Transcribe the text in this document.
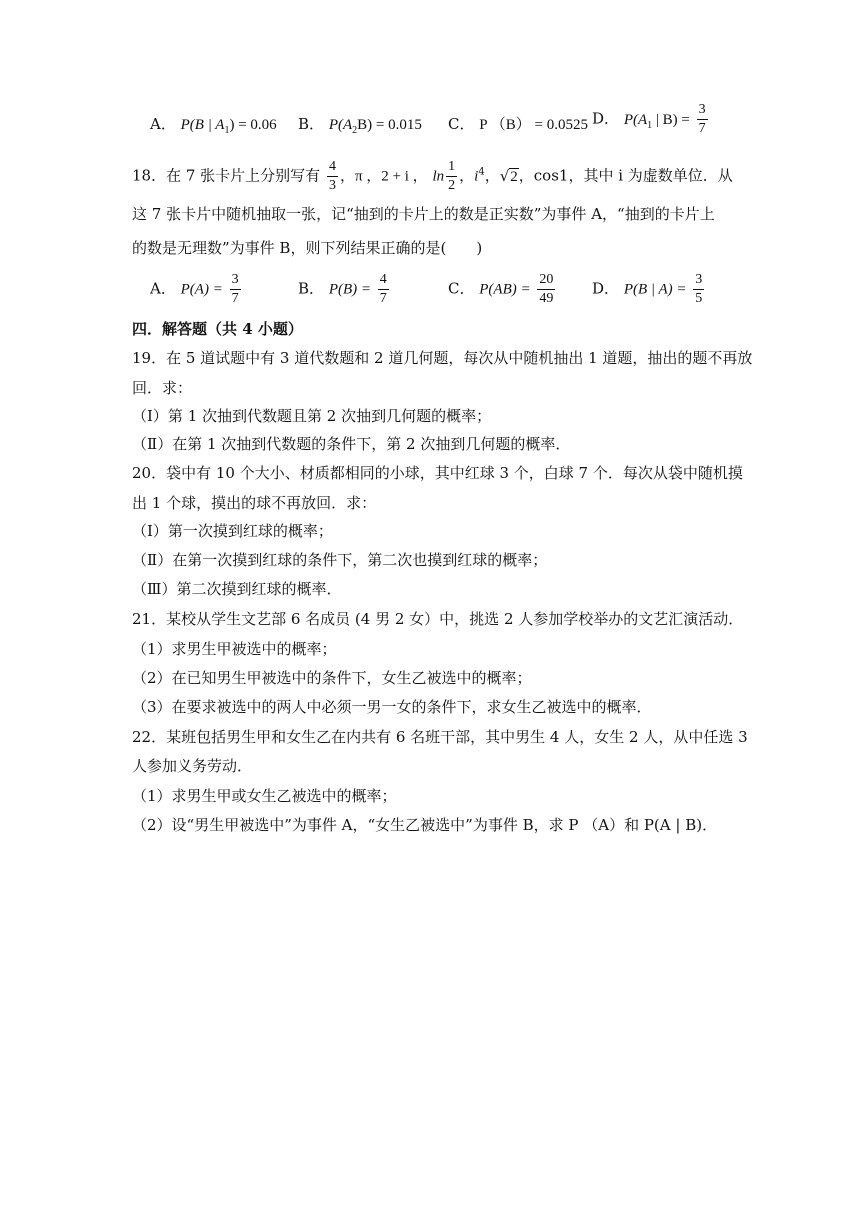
A． P(B | $A_1) = 0.06$ B． $P(A_2B) = 0.015$ C． P （B） = 0.0525 D． $P(A_1$ | $B) = \frac{3}{7}$
18．在 7 张卡片上分别写有 $\frac{4}{3}$ ，π ，2 + i ， $\ln \frac{1}{2}$ ，$i^4$，√2，cos1，其中 i 为虚数单位．从
这 7 张卡片中随机抽取一张，记“抽到的卡片上的数是正实数”为事件 A，“抽到的卡片上
的数是无理数”为事件 B，则下列结果正确的是(　　)
A． $P(A) = \frac{3}{7}$	B． $P(B) = \frac{4}{7}$	C． $P(AB) = \frac{20}{49}$ D． P(B | $A) = \frac{3}{5}$
四．解答题（共 4 小题）
19．在 5 道试题中有 3 道代数题和 2 道几何题，每次从中随机抽出 1 道题，抽出的题不再放
回．求：
（Ⅰ）第 1 次抽到代数题且第 2 次抽到几何题的概率；
（Ⅱ）在第 1 次抽到代数题的条件下，第 2 次抽到几何题的概率．
20．袋中有 10 个大小、材质都相同的小球，其中红球 3 个，白球 7 个．每次从袋中随机摸
出 1 个球，摸出的球不再放回．求：
（Ⅰ）第一次摸到红球的概率；
（Ⅱ）在第一次摸到红球的条件下，第二次也摸到红球的概率；
（Ⅲ）第二次摸到红球的概率．
21．某校从学生文艺部 6 名成员 (4 男 2 女）中，挑选 2 人参加学校举办的文艺汇演活动．
（1）求男生甲被选中的概率；
（2）在已知男生甲被选中的条件下，女生乙被选中的概率；
（3）在要求被选中的两人中必须一男一女的条件下，求女生乙被选中的概率．
22．某班包括男生甲和女生乙在内共有 6 名班干部，其中男生 4 人，女生 2 人，从中任选 3
人参加义务劳动．
（1）求男生甲或女生乙被选中的概率；
（2）设“男生甲被选中”为事件 A，“女生乙被选中”为事件 B，求 P （A）和 P(A | B)．
